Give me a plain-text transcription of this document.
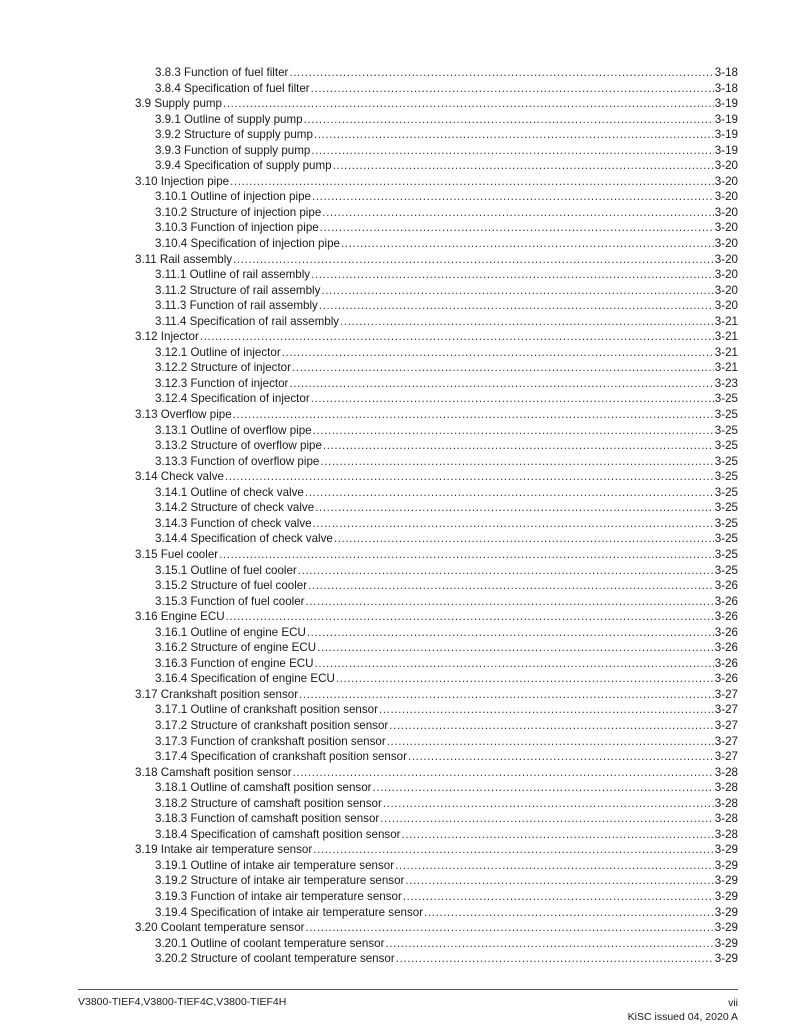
3.8.3 Function of fuel filter .....	3-18
3.8.4 Specification of fuel filter .....	3-18
3.9 Supply pump .....	3-19
3.9.1 Outline of supply pump .....	3-19
3.9.2 Structure of supply pump .....	3-19
3.9.3 Function of supply pump .....	3-19
3.9.4 Specification of supply pump .....	3-20
3.10 Injection pipe .....	3-20
3.10.1 Outline of injection pipe .....	3-20
3.10.2 Structure of injection pipe .....	3-20
3.10.3 Function of injection pipe .....	3-20
3.10.4 Specification of injection pipe .....	3-20
3.11 Rail assembly .....	3-20
3.11.1 Outline of rail assembly .....	3-20
3.11.2 Structure of rail assembly .....	3-20
3.11.3 Function of rail assembly .....	3-20
3.11.4 Specification of rail assembly .....	3-21
3.12 Injector .....	3-21
3.12.1 Outline of injector .....	3-21
3.12.2 Structure of injector .....	3-21
3.12.3 Function of injector .....	3-23
3.12.4 Specification of injector .....	3-25
3.13 Overflow pipe .....	3-25
3.13.1 Outline of overflow pipe .....	3-25
3.13.2 Structure of overflow pipe .....	3-25
3.13.3 Function of overflow pipe .....	3-25
3.14 Check valve .....	3-25
3.14.1 Outline of check valve .....	3-25
3.14.2 Structure of check valve .....	3-25
3.14.3 Function of check valve .....	3-25
3.14.4 Specification of check valve .....	3-25
3.15 Fuel cooler .....	3-25
3.15.1 Outline of fuel cooler .....	3-25
3.15.2 Structure of fuel cooler .....	3-26
3.15.3 Function of fuel cooler .....	3-26
3.16 Engine ECU .....	3-26
3.16.1 Outline of engine ECU .....	3-26
3.16.2 Structure of engine ECU .....	3-26
3.16.3 Function of engine ECU .....	3-26
3.16.4 Specification of engine ECU .....	3-26
3.17 Crankshaft position sensor .....	3-27
3.17.1 Outline of crankshaft position sensor .....	3-27
3.17.2 Structure of crankshaft position sensor .....	3-27
3.17.3 Function of crankshaft position sensor .....	3-27
3.17.4 Specification of crankshaft position sensor .....	3-27
3.18 Camshaft position sensor .....	3-28
3.18.1 Outline of camshaft position sensor .....	3-28
3.18.2 Structure of camshaft position sensor .....	3-28
3.18.3 Function of camshaft position sensor .....	3-28
3.18.4 Specification of camshaft position sensor .....	3-28
3.19 Intake air temperature sensor .....	3-29
3.19.1 Outline of intake air temperature sensor .....	3-29
3.19.2 Structure of intake air temperature sensor .....	3-29
3.19.3 Function of intake air temperature sensor .....	3-29
3.19.4 Specification of intake air temperature sensor .....	3-29
3.20 Coolant temperature sensor .....	3-29
3.20.1 Outline of coolant temperature sensor .....	3-29
3.20.2 Structure of coolant temperature sensor .....	3-29
V3800-TIEF4,V3800-TIEF4C,V3800-TIEF4H	vii
KiSC issued 04, 2020 A
